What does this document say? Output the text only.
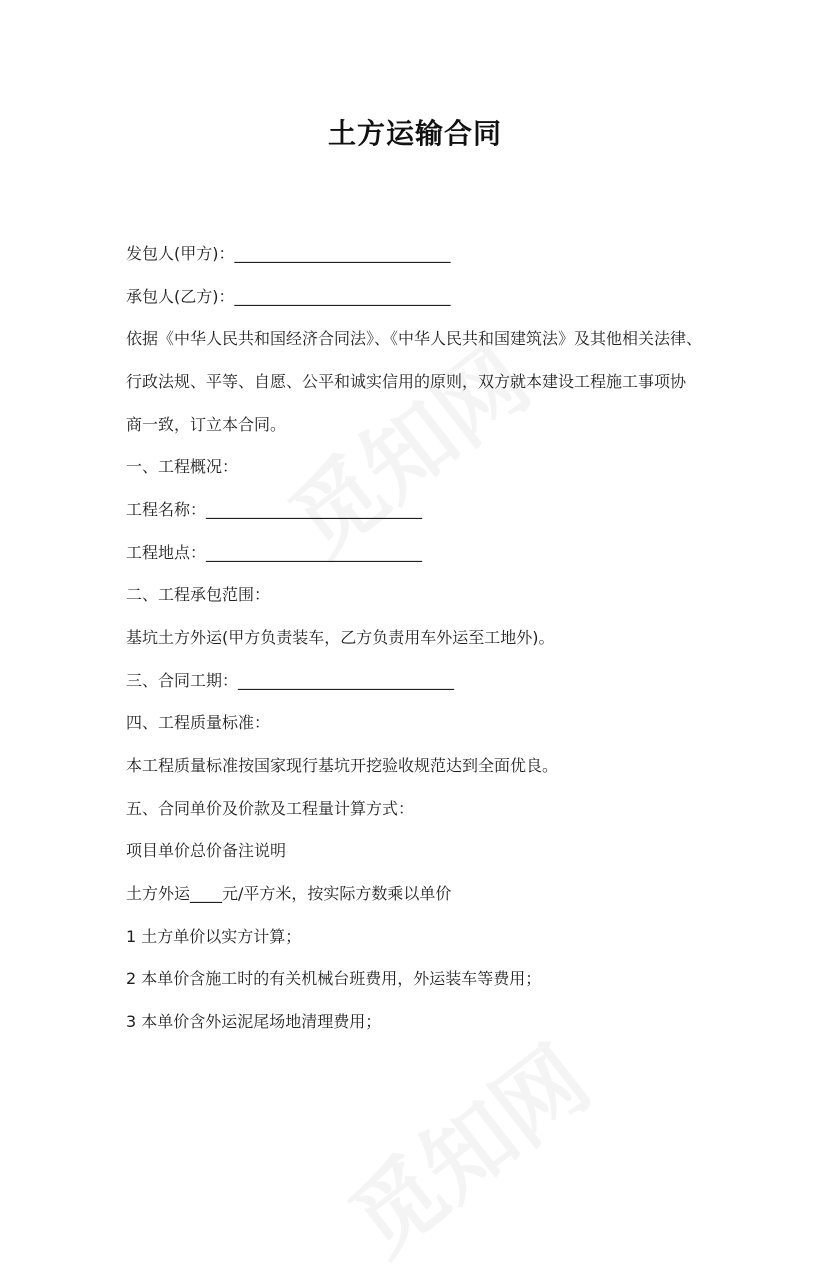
土方运输合同
发包人(甲方)：___________________________
承包人(乙方)：___________________________
依据《中华人民共和国经济合同法》、《中华人民共和国建筑法》及其他相关法律、
行政法规、平等、自愿、公平和诚实信用的原则，双方就本建设工程施工事项协
商一致，订立本合同。
一、工程概况：
工程名称：___________________________
工程地点：___________________________
二、工程承包范围：
基坑土方外运(甲方负责装车，乙方负责用车外运至工地外)。
三、合同工期：___________________________
四、工程质量标准：
本工程质量标准按国家现行基坑开挖验收规范达到全面优良。
五、合同单价及价款及工程量计算方式：
项目单价总价备注说明
土方外运____元/平方米，按实际方数乘以单价
1 土方单价以实方计算；
2 本单价含施工时的有关机械台班费用，外运装车等费用；
3 本单价含外运泥尾场地清理费用；
